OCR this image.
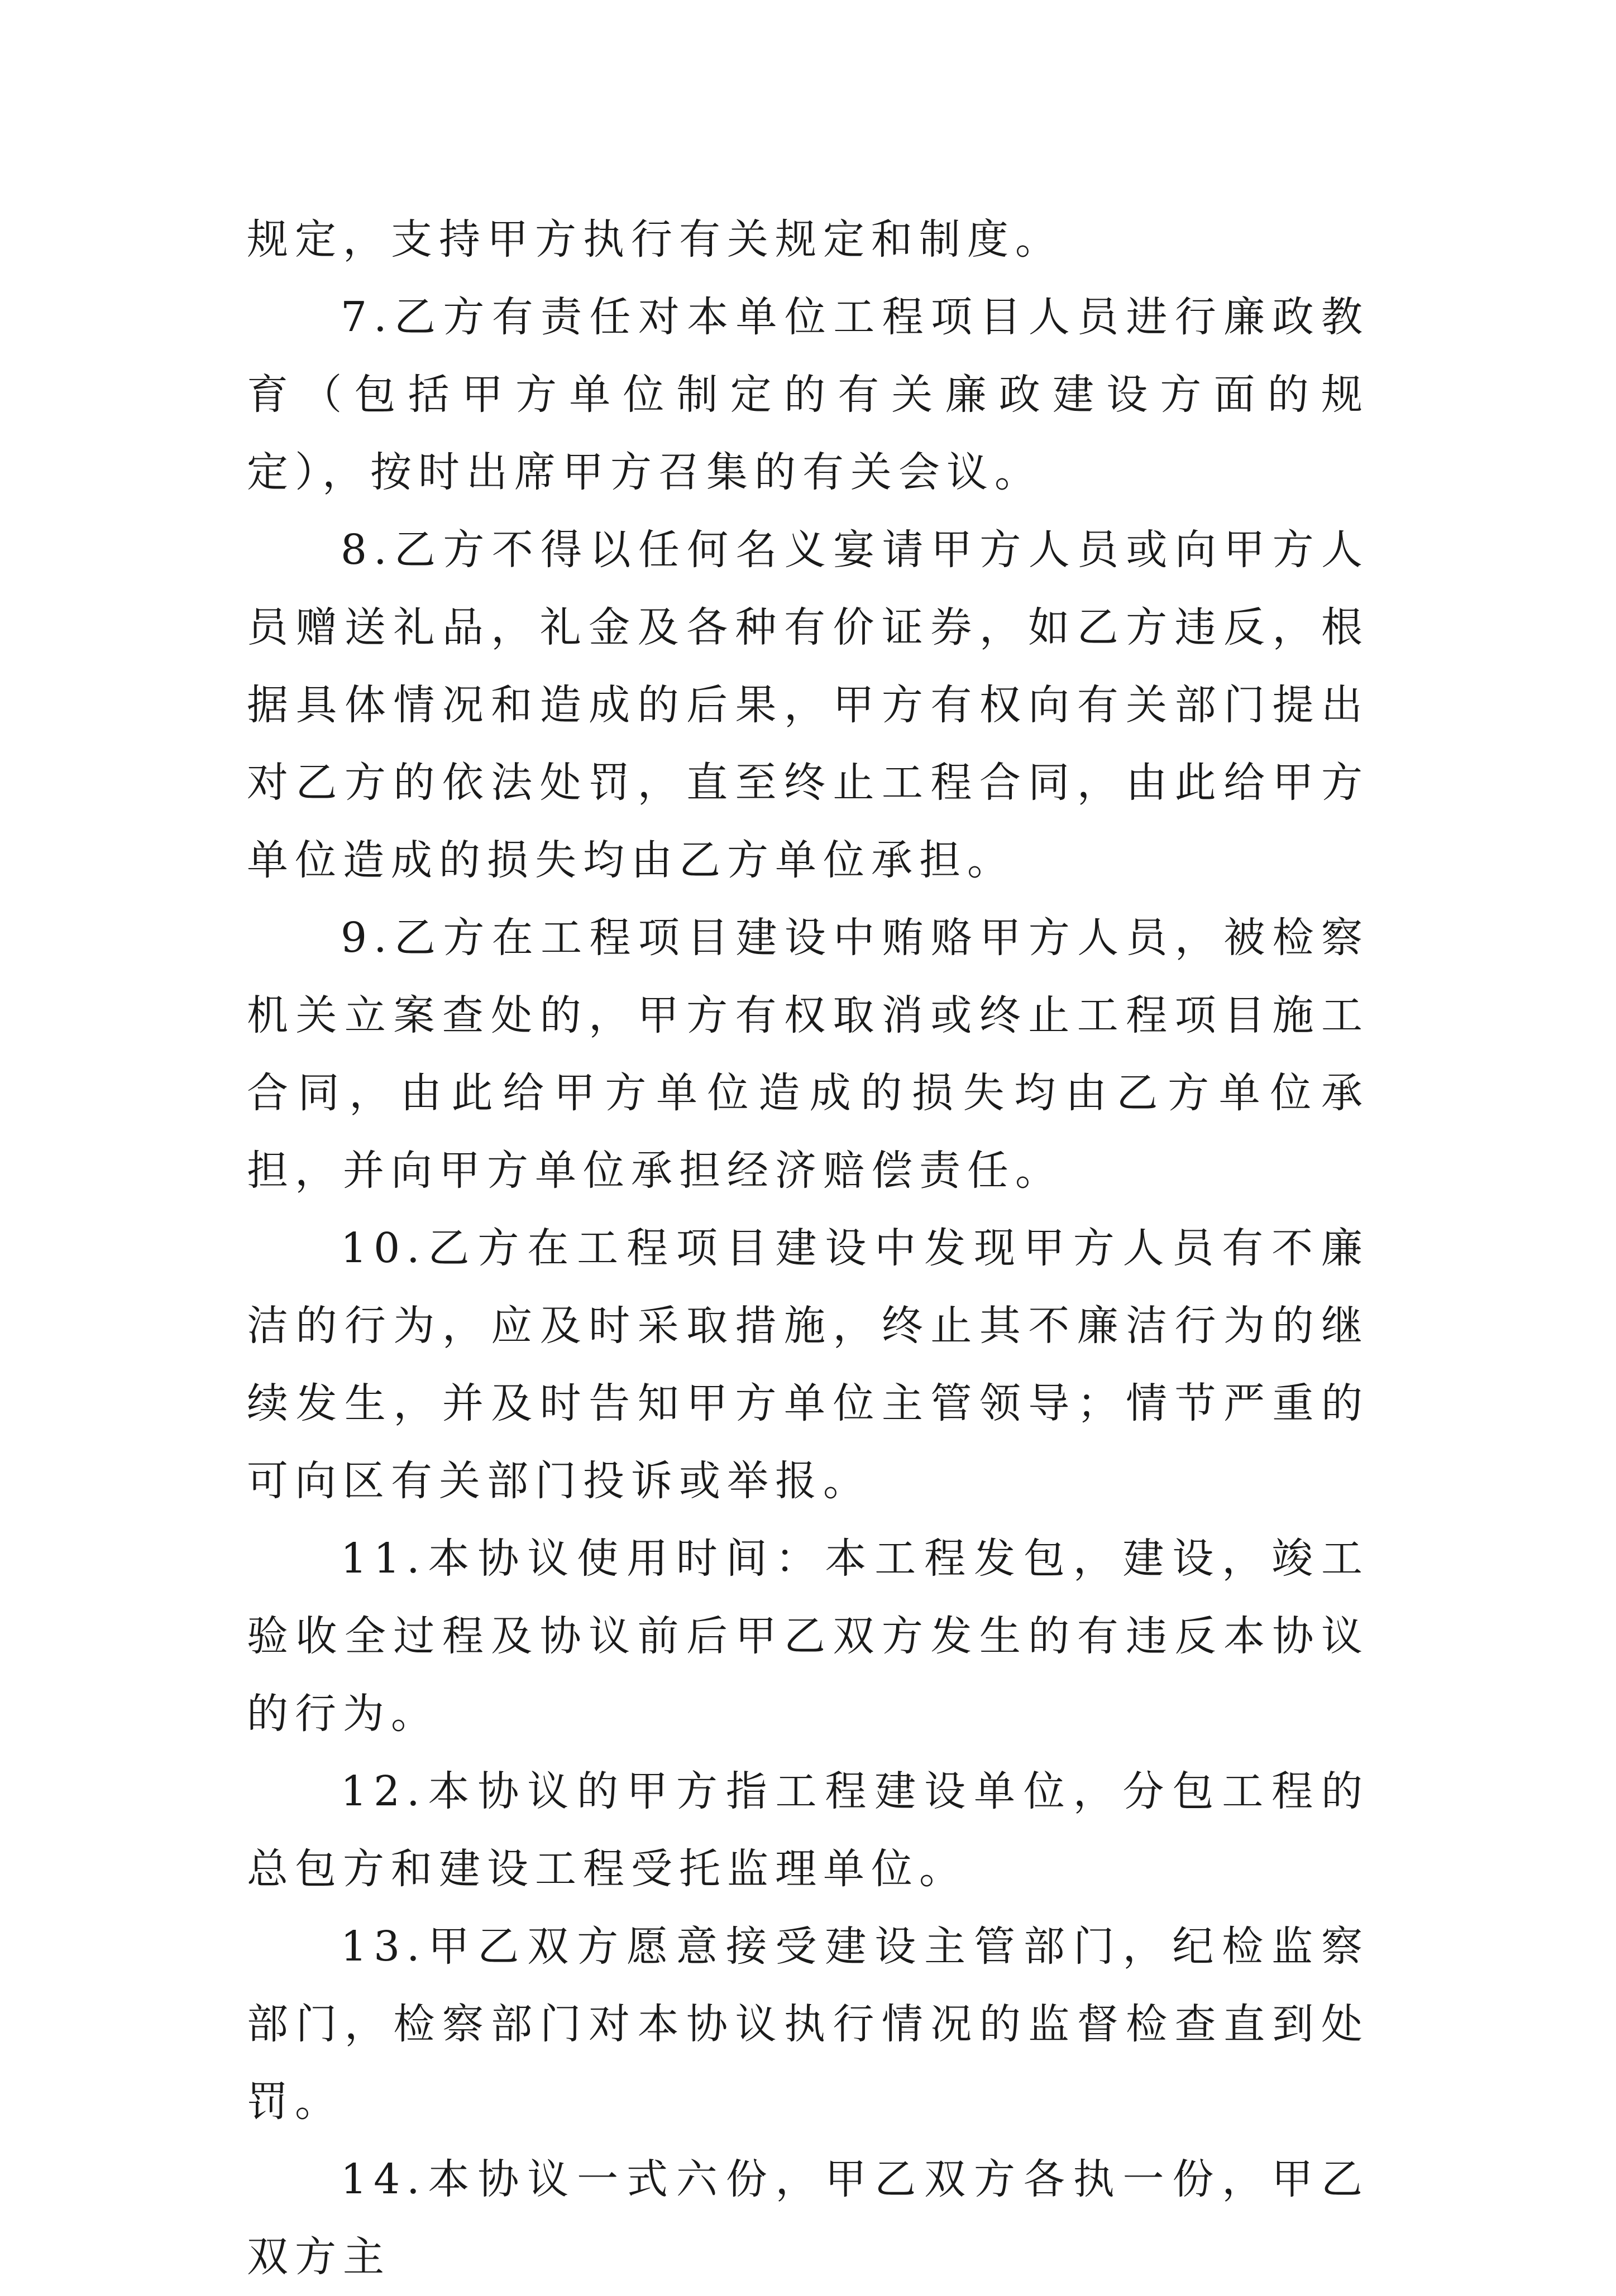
规定，支持甲方执行有关规定和制度。

7.乙方有责任对本单位工程项目人员进行廉政教育（包括甲方单位制定的有关廉政建设方面的规定），按时出席甲方召集的有关会议。

8.乙方不得以任何名义宴请甲方人员或向甲方人员赠送礼品，礼金及各种有价证券，如乙方违反，根据具体情况和造成的后果，甲方有权向有关部门提出对乙方的依法处罚，直至终止工程合同，由此给甲方单位造成的损失均由乙方单位承担。

9.乙方在工程项目建设中贿赂甲方人员，被检察机关立案查处的，甲方有权取消或终止工程项目施工合同，由此给甲方单位造成的损失均由乙方单位承担，并向甲方单位承担经济赔偿责任。

10.乙方在工程项目建设中发现甲方人员有不廉洁的行为，应及时采取措施，终止其不廉洁行为的继续发生，并及时告知甲方单位主管领导；情节严重的可向区有关部门投诉或举报。

11.本协议使用时间：本工程发包，建设，竣工验收全过程及协议前后甲乙双方发生的有违反本协议的行为。

12.本协议的甲方指工程建设单位，分包工程的总包方和建设工程受托监理单位。

13.甲乙双方愿意接受建设主管部门，纪检监察部门，检察部门对本协议执行情况的监督检查直到处罚。

14.本协议一式六份，甲乙双方各执一份，甲乙双方主
